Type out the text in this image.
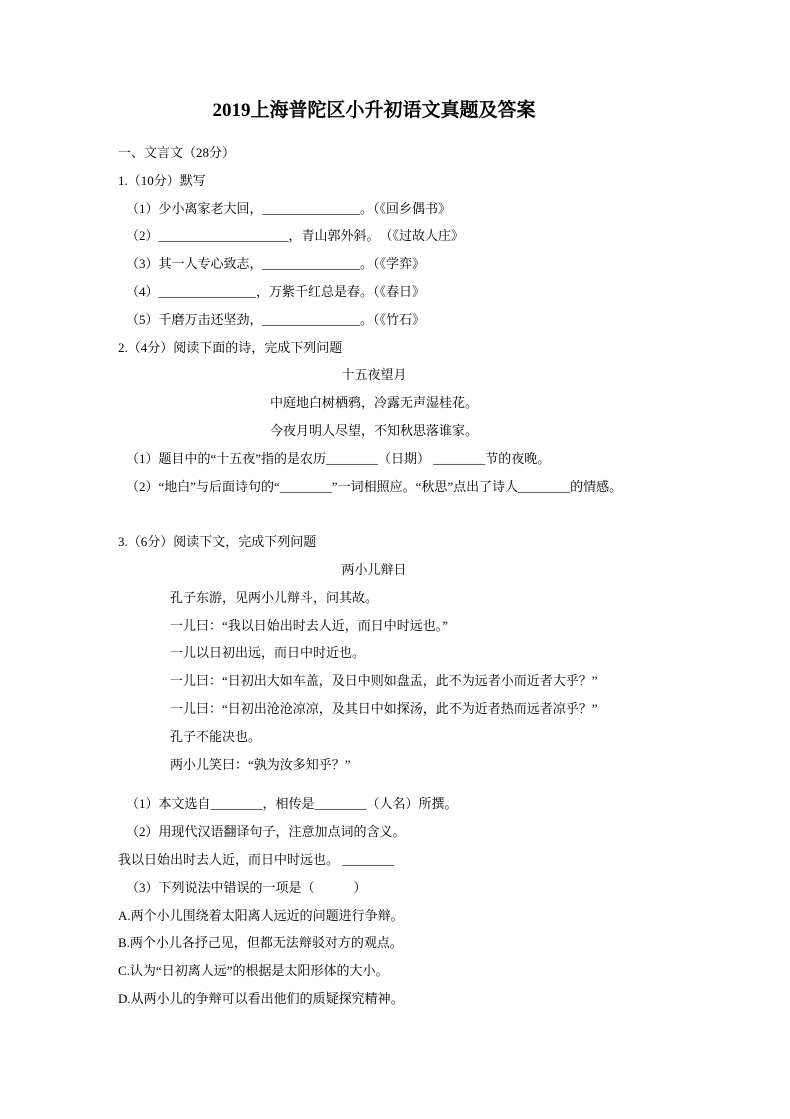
2019上海普陀区小升初语文真题及答案

一、文言文（28分）

1.（10分）默写

（1）少小离家老大回，_______________。（《回乡偶书》

（2）____________________，青山郭外斜。　（《过故人庄》

（3）其一人专心致志，_______________。（《学弈》

（4）_______________，万紫千红总是春。（《春日》

（5）千磨万击还坚劲，_______________。（《竹石》

2.（4分）阅读下面的诗，完成下列问题

十五夜望月

中庭地白树栖鸦，冷露无声湿桂花。

今夜月明人尽望，不知秋思落谁家。

（1）题目中的“十五夜”指的是农历________（日期） ________节的夜晚。

（2）“地白”与后面诗句的“________”一词相照应。“秋思”点出了诗人________的情感。

3.（6分）阅读下文，完成下列问题

两小儿辩日

孔子东游，见两小儿辩斗，问其故。

一儿曰：“我以日始出时去人近，而日中时远也。”

一儿以日初出远，而日中时近也。

一儿曰：“日初出大如车盖，及日中则如盘盂，此不为远者小而近者大乎？”

一儿曰：“日初出沧沧凉凉，及其日中如探汤，此不为近者热而远者凉乎？”

孔子不能决也。

两小儿笑曰：“孰为汝多知乎？”

（1）本文选自________，相传是________（人名）所撰。

（2）用现代汉语翻译句子，注意加点词的含义。

我以日始出时去人近，而日中时远也。 ________

（3）下列说法中错误的一项是（　　　）

A.两个小儿围绕着太阳离人远近的问题进行争辩。

B.两个小儿各抒己见，但都无法辩驳对方的观点。

C.认为“日初离人远”的根据是太阳形体的大小。

D.从两小儿的争辩可以看出他们的质疑探究精神。
